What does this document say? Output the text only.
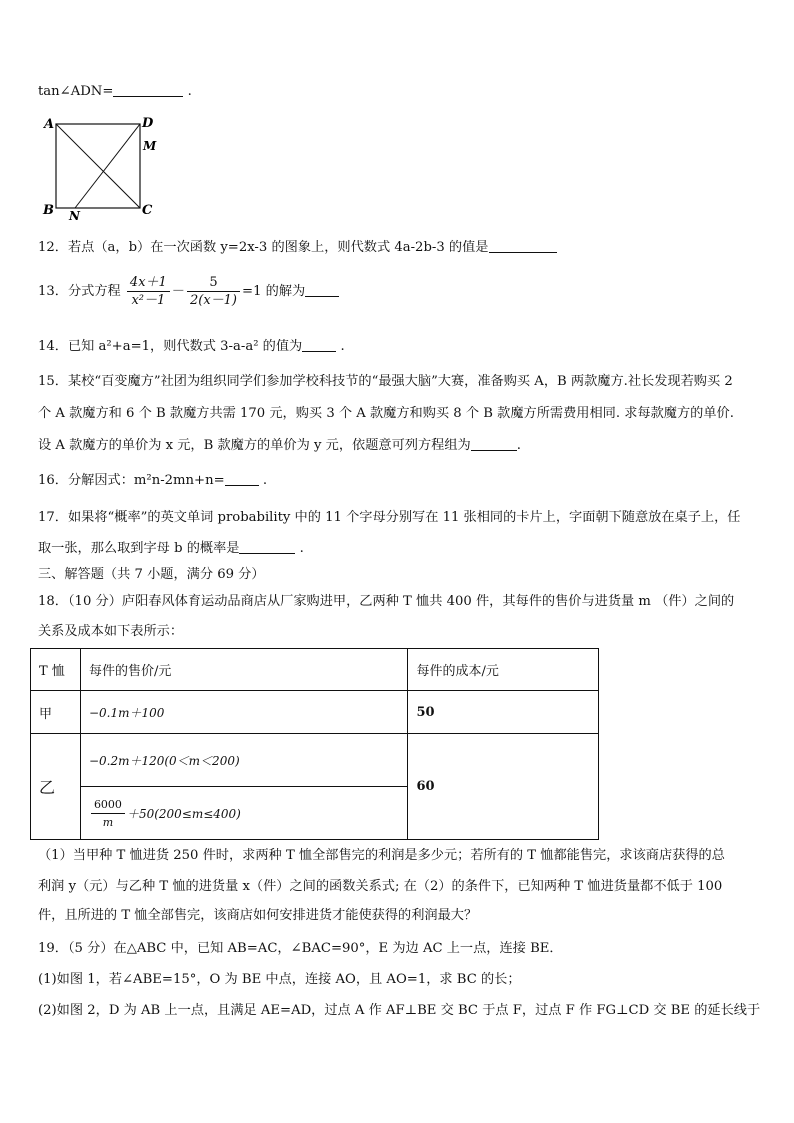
tan∠ADN=	.
A	D
M
B N	C
12．若点（a，b）在一次函数 y=2x-3 的图象上，则代数式 4a-2b-3 的值是
13．分式方程 $\frac{4x+1}{\text{x²－1}} - \frac{5}{2(x-1)} =1$ 的解为
14．已知 a²+a=1，则代数式 3-a-a² 的值为	.
15．某校“百变魔方”社团为组织同学们参加学校科技节的“最强大脑”大赛，准备购买 A，B 两款魔方.社长发现若购买 2
个 A 款魔方和 6 个 B 款魔方共需 170 元，购买 3 个 A 款魔方和购买 8 个 B 款魔方所需费用相同. 求每款魔方的单价.
设 A 款魔方的单价为 x 元，B 款魔方的单价为 y 元，依题意可列方程组为	.
16．分解因式：m²n-2mn+n=	.
17．如果将“概率”的英文单词 probability 中的 11 个字母分别写在 11 张相同的卡片上，字面朝下随意放在桌子上，任
取一张，那么取到字母 b 的概率是	.
三、解答题（共 7 小题，满分 69 分）
18．（10 分）庐阳春风体育运动品商店从厂家购进甲，乙两种 T 恤共 400 件，其每件的售价与进货量 m （件）之间的
关系及成本如下表所示：
T 恤	每件的售价/元	每件的成本/元
甲	−0.1m＋100	50
乙	−0.2m＋120(0＜m＜200)
$\frac{6000}{m} +50(200\le m\le 400)$	60
（1）当甲种 T 恤进货 250 件时，求两种 T 恤全部售完的利润是多少元；若所有的 T 恤都能售完，求该商店获得的总
利润 y（元）与乙种 T 恤的进货量 x（件）之间的函数关系式; 在（2）的条件下，已知两种 T 恤进货量都不低于 100
件，且所进的 T 恤全部售完，该商店如何安排进货才能使获得的利润最大？
19．（5 分）在△ABC 中，已知 AB=AC，∠BAC=90°，E 为边 AC 上一点，连接 BE．
(1)如图 1，若∠ABE=15°，O 为 BE 中点，连接 AO，且 AO=1，求 BC 的长；
(2)如图 2，D 为 AB 上一点，且满足 AE=AD，过点 A 作 AF⊥BE 交 BC 于点 F，过点 F 作 FG⊥CD 交 BE 的延长线于
